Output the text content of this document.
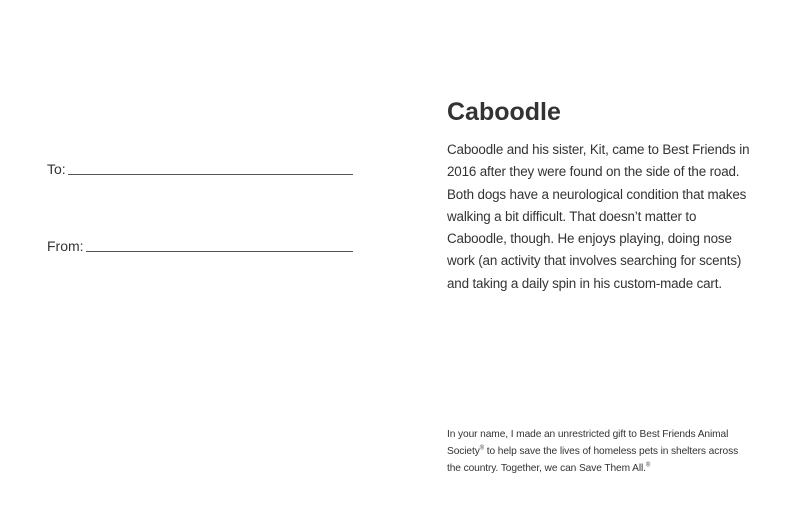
To:
From:
Caboodle

Caboodle and his sister, Kit, came to Best Friends in 2016 after they were found on the side of the road. Both dogs have a neurological condition that makes walking a bit difficult. That doesn’t matter to Caboodle, though. He enjoys playing, doing nose work (an activity that involves searching for scents) and taking a daily spin in his custom-made cart.

In your name, I made an unrestricted gift to Best Friends Animal Society® to help save the lives of homeless pets in shelters across the country. Together, we can Save Them All.®
